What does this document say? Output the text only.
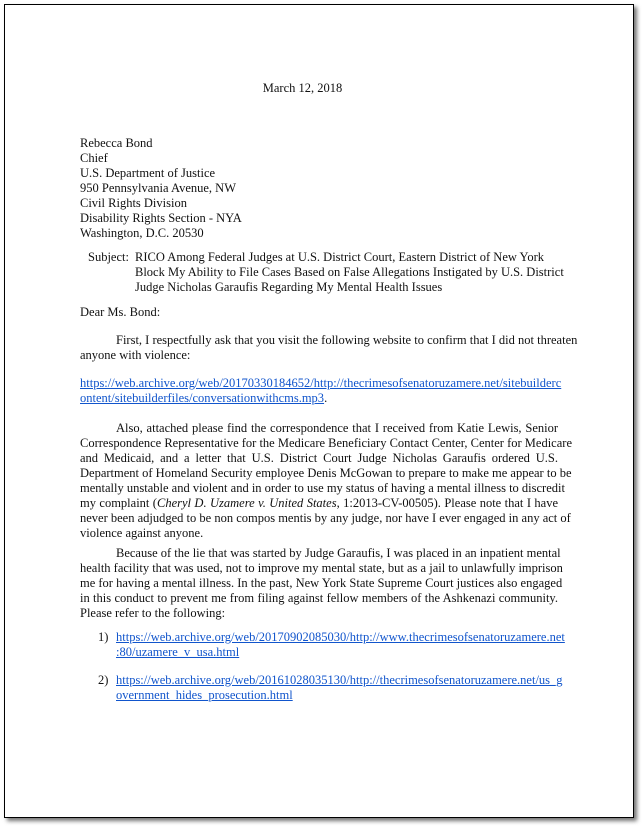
March 12, 2018
Rebecca Bond
Chief
U.S. Department of Justice
950 Pennsylvania Avenue, NW
Civil Rights Division
Disability Rights Section - NYA
Washington, D.C. 20530
Subject: RICO Among Federal Judges at U.S. District Court, Eastern District of New York
Block My Ability to File Cases Based on False Allegations Instigated by U.S. District
Judge Nicholas Garaufis Regarding My Mental Health Issues
Dear Ms. Bond:
First, I respectfully ask that you visit the following website to confirm that I did not threaten
anyone with violence:
https://web.archive.org/web/20170330184652/http://thecrimesofsenatoruzamere.net/sitebuilderc
ontent/sitebuilderfiles/conversationwithcms.mp3.
Also, attached please find the correspondence that I received from Katie Lewis, Senior
Correspondence Representative for the Medicare Beneficiary Contact Center, Center for Medicare
and Medicaid, and a letter that U.S. District Court Judge Nicholas Garaufis ordered U.S.
Department of Homeland Security employee Denis McGowan to prepare to make me appear to be
mentally unstable and violent and in order to use my status of having a mental illness to discredit
my complaint (Cheryl D. Uzamere v. United States, 1:2013-CV-00505). Please note that I have
never been adjudged to be non compos mentis by any judge, nor have I ever engaged in any act of
violence against anyone.
Because of the lie that was started by Judge Garaufis, I was placed in an inpatient mental
health facility that was used, not to improve my mental state, but as a jail to unlawfully imprison
me for having a mental illness. In the past, New York State Supreme Court justices also engaged
in this conduct to prevent me from filing against fellow members of the Ashkenazi community.
Please refer to the following:
1) https://web.archive.org/web/20170902085030/http://www.thecrimesofsenatoruzamere.net
:80/uzamere_v_usa.html
2) https://web.archive.org/web/20161028035130/http://thecrimesofsenatoruzamere.net/us_g
overnment_hides_prosecution.html
